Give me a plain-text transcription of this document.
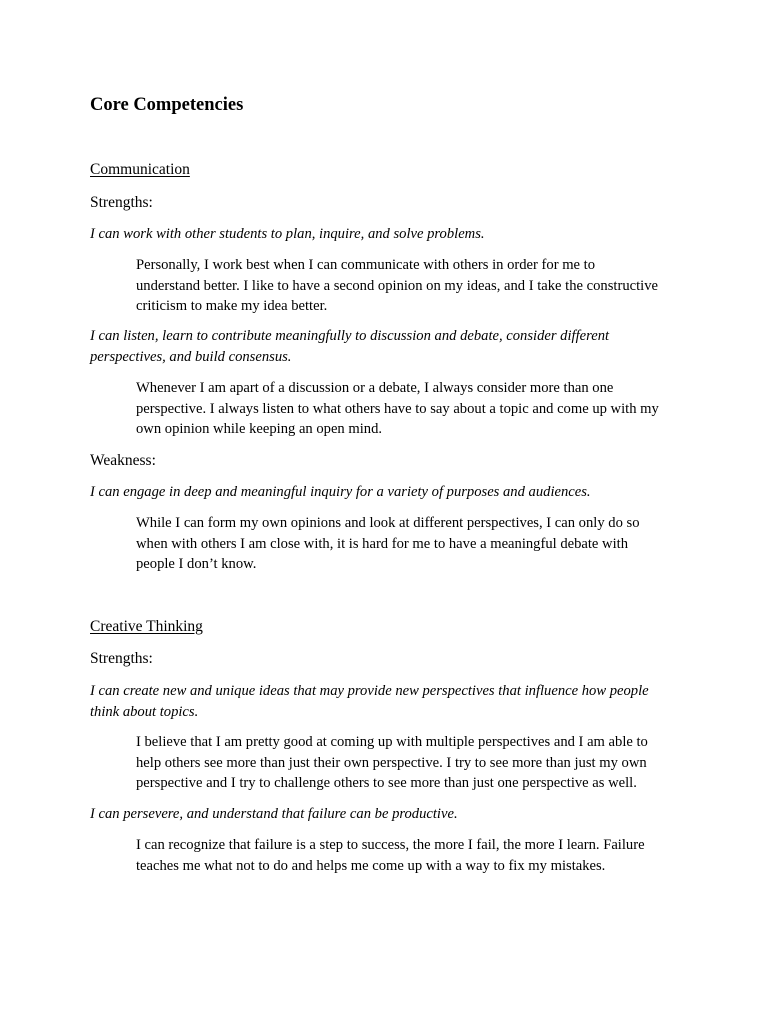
Core Competencies
Communication
Strengths:
I can work with other students to plan, inquire, and solve problems.
Personally, I work best when I can communicate with others in order for me to
understand better. I like to have a second opinion on my ideas, and I take the constructive
criticism to make my idea better.
I can listen, learn to contribute meaningfully to discussion and debate, consider different
perspectives, and build consensus.
Whenever I am apart of a discussion or a debate, I always consider more than one
perspective. I always listen to what others have to say about a topic and come up with my
own opinion while keeping an open mind.
Weakness:
I can engage in deep and meaningful inquiry for a variety of purposes and audiences.
While I can form my own opinions and look at different perspectives, I can only do so
when with others I am close with, it is hard for me to have a meaningful debate with
people I don’t know.
Creative Thinking
Strengths:
I can create new and unique ideas that may provide new perspectives that influence how people
think about topics.
I believe that I am pretty good at coming up with multiple perspectives and I am able to
help others see more than just their own perspective. I try to see more than just my own
perspective and I try to challenge others to see more than just one perspective as well.
I can persevere, and understand that failure can be productive.
I can recognize that failure is a step to success, the more I fail, the more I learn. Failure
teaches me what not to do and helps me come up with a way to fix my mistakes.
